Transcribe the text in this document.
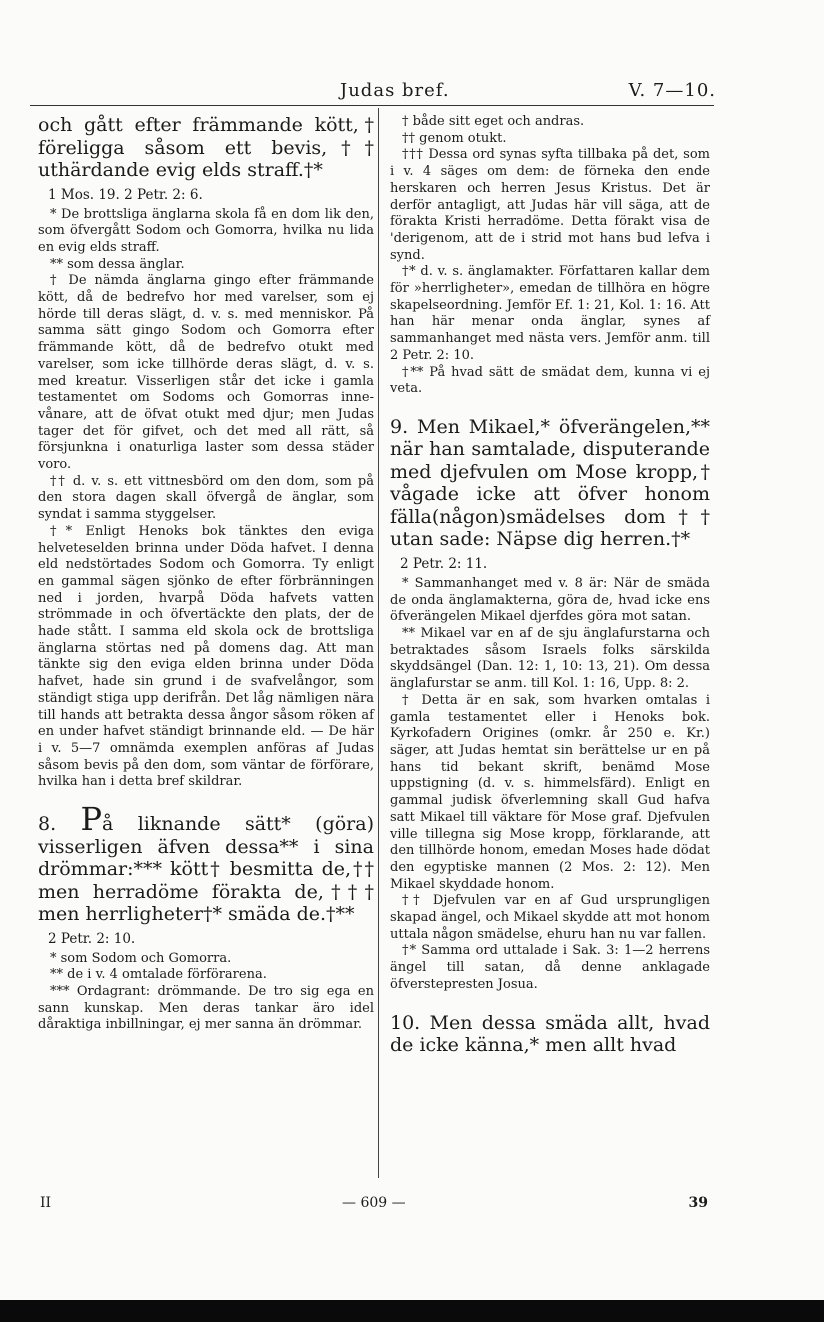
Judas bref.	V. 7—10.

och gått efter främmande kött,† föreligga såsom ett bevis,†† uthärdande evig elds straff.†*

1 Mos. 19. 2 Petr. 2: 6.

* De brottsliga änglarna skola få en dom lik den, som öfvergått Sodom och Gomorra, hvilka nu lida en evig elds straff.

** som dessa änglar.

† De nämda änglarna gingo efter främmande kött, då de bedrefvo hor med varelser, som ej hörde till deras slägt, d. v. s. med menniskor. På samma sätt gingo Sodom och Gomorra efter främmande kött, då de bedrefvo otukt med varelser, som icke tillhörde deras slägt, d. v. s. med kreatur. Visserligen står det icke i gamla testamentet om Sodoms och Gomorras inne-vånare, att de öfvat otukt med djur; men Judas tager det för gifvet, och det med all rätt, så försjunkna i onaturliga laster som dessa städer voro.

†† d. v. s. ett vittnesbörd om den dom, som på den stora dagen skall öfvergå de änglar, som syndat i samma styggelser.

†* Enligt Henoks bok tänktes den eviga helveteselden brinna under Döda hafvet. I denna eld nedstörtades Sodom och Gomorra. Ty enligt en gammal sägen sjönko de efter förbränningen ned i jorden, hvarpå Döda hafvets vatten strömmade in och öfvertäckte den plats, der de hade stått. I samma eld skola ock de brottsliga änglarna störtas ned på domens dag. Att man tänkte sig den eviga elden brinna under Döda hafvet, hade sin grund i de svafvelångor, som ständigt stiga upp derifrån. Det låg nämligen nära till hands att betrakta dessa ångor såsom röken af en under hafvet ständigt brinnande eld. — De här i v. 5—7 omnämda exemplen anföras af Judas såsom bevis på den dom, som väntar de förförare, hvilka han i detta bref skildrar.

8. På liknande sätt* (göra) visserligen äfven dessa** i sina drömmar:*** kött† besmitta de,†† men herradöme förakta de,††† men herrligheter†* smäda de.†**

2 Petr. 2: 10.

* som Sodom och Gomorra.

** de i v. 4 omtalade förförarena.

*** Ordagrant: drömmande. De tro sig ega en sann kunskap. Men deras tankar äro idel dåraktiga inbillningar, ej mer sanna än drömmar.

† både sitt eget och andras.

†† genom otukt.

††† Dessa ord synas syfta tillbaka på det, som i v. 4 säges om dem: de förneka den ende herskaren och herren Jesus Kristus. Det är derför antagligt, att Judas här vill säga, att de förakta Kristi herradöme. Detta förakt visa de 'derigenom, att de i strid mot hans bud lefva i synd.

†* d. v. s. änglamakter. Författaren kallar dem för »herrligheter», emedan de tillhöra en högre skapelseordning. Jemför Ef. 1: 21, Kol. 1: 16. Att han här menar onda änglar, synes af sammanhanget med nästa vers. Jemför anm. till 2 Petr. 2: 10.

†** På hvad sätt de smädat dem, kunna vi ej veta.

9. Men Mikael,* öfverängelen,** när han samtalade, disputerande med djefvulen om Mose kropp,† vågade icke att öfver honom fälla(någon)smädelses dom†† utan sade: Näpse dig herren.†*

2 Petr. 2: 11.

* Sammanhanget med v. 8 är: När de smäda de onda änglamakterna, göra de, hvad icke ens öfverängelen Mikael djerfdes göra mot satan.

** Mikael var en af de sju änglafurstarna och betraktades såsom Israels folks särskilda skyddsängel (Dan. 12: 1, 10: 13, 21). Om dessa änglafurstar se anm. till Kol. 1: 16, Upp. 8: 2.

† Detta är en sak, som hvarken omtalas i gamla testamentet eller i Henoks bok. Kyrkofadern Origines (omkr. år 250 e. Kr.) säger, att Judas hemtat sin berättelse ur en på hans tid bekant skrift, benämd Mose uppstigning (d. v. s. himmelsfärd). Enligt en gammal judisk öfverlemning skall Gud hafva satt Mikael till väktare för Mose graf. Djefvulen ville tillegna sig Mose kropp, förklarande, att den tillhörde honom, emedan Moses hade dödat den egyptiske mannen (2 Mos. 2: 12). Men Mikael skyddade honom.

†† Djefvulen var en af Gud ursprungligen skapad ängel, och Mikael skydde att mot honom uttala någon smädelse, ehuru han nu var fallen.

†* Samma ord uttalade i Sak. 3: 1—2 herrens ängel till satan, då denne anklagade öfverstepresten Josua.

10. Men dessa smäda allt, hvad de icke känna,* men allt hvad

II	— 609 —	39
